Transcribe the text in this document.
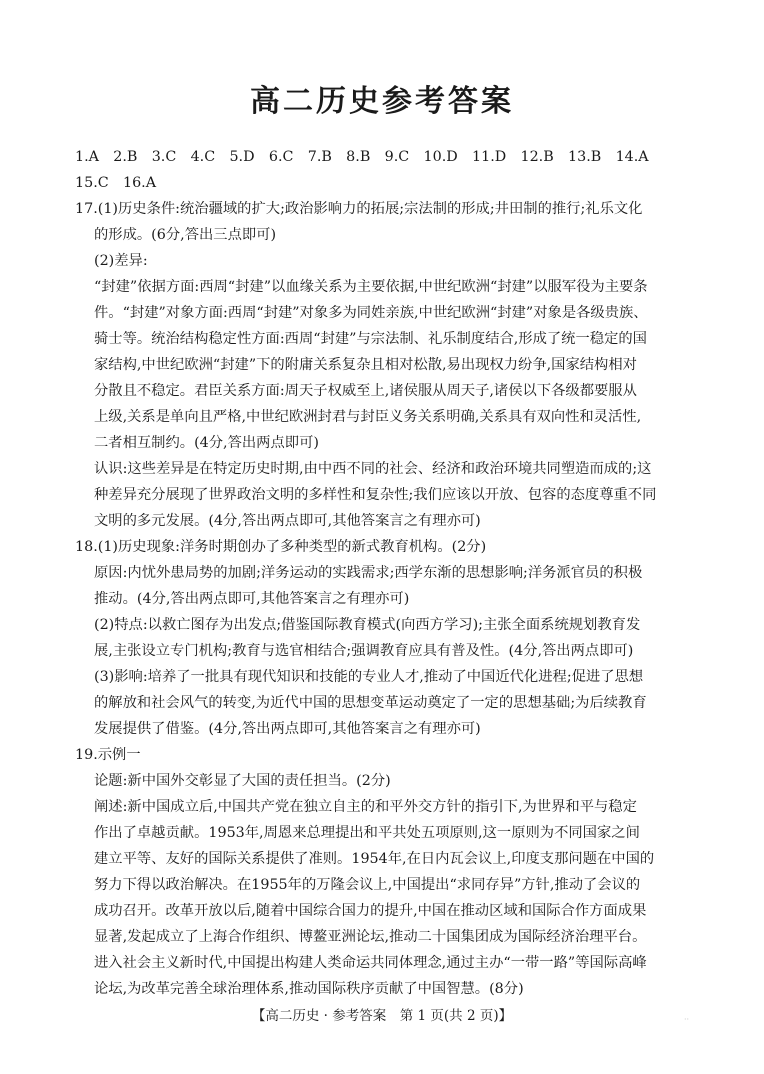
高二历史参考答案
1.A　2.B　3.C　4.C　5.D　6.C　7.B　8.B　9.C　10.D　11.D　12.B　13.B　14.A
15.C　16.A
17.(1)历史条件:统治疆域的扩大;政治影响力的拓展;宗法制的形成;井田制的推行;礼乐文化
的形成。(6分,答出三点即可)
(2)差异:
“封建”依据方面:西周“封建”以血缘关系为主要依据,中世纪欧洲“封建”以服军役为主要条
件。“封建”对象方面:西周“封建”对象多为同姓亲族,中世纪欧洲“封建”对象是各级贵族、
骑士等。统治结构稳定性方面:西周“封建”与宗法制、礼乐制度结合,形成了统一稳定的国
家结构,中世纪欧洲“封建”下的附庸关系复杂且相对松散,易出现权力纷争,国家结构相对
分散且不稳定。君臣关系方面:周天子权威至上,诸侯服从周天子,诸侯以下各级都要服从
上级,关系是单向且严格,中世纪欧洲封君与封臣义务关系明确,关系具有双向性和灵活性,
二者相互制约。(4分,答出两点即可)
认识:这些差异是在特定历史时期,由中西不同的社会、经济和政治环境共同塑造而成的;这
种差异充分展现了世界政治文明的多样性和复杂性;我们应该以开放、包容的态度尊重不同
文明的多元发展。(4分,答出两点即可,其他答案言之有理亦可)
18.(1)历史现象:洋务时期创办了多种类型的新式教育机构。(2分)
原因:内忧外患局势的加剧;洋务运动的实践需求;西学东渐的思想影响;洋务派官员的积极
推动。(4分,答出两点即可,其他答案言之有理亦可)
(2)特点:以救亡图存为出发点;借鉴国际教育模式(向西方学习);主张全面系统规划教育发
展,主张设立专门机构;教育与选官相结合;强调教育应具有普及性。(4分,答出两点即可)
(3)影响:培养了一批具有现代知识和技能的专业人才,推动了中国近代化进程;促进了思想
的解放和社会风气的转变,为近代中国的思想变革运动奠定了一定的思想基础;为后续教育
发展提供了借鉴。(4分,答出两点即可,其他答案言之有理亦可)
19.示例一
论题:新中国外交彰显了大国的责任担当。(2分)
阐述:新中国成立后,中国共产党在独立自主的和平外交方针的指引下,为世界和平与稳定
作出了卓越贡献。1953年,周恩来总理提出和平共处五项原则,这一原则为不同国家之间
建立平等、友好的国际关系提供了准则。1954年,在日内瓦会议上,印度支那问题在中国的
努力下得以政治解决。在1955年的万隆会议上,中国提出“求同存异”方针,推动了会议的
成功召开。改革开放以后,随着中国综合国力的提升,中国在推动区域和国际合作方面成果
显著,发起成立了上海合作组织、博鳌亚洲论坛,推动二十国集团成为国际经济治理平台。
进入社会主义新时代,中国提出构建人类命运共同体理念,通过主办“一带一路”等国际高峰
论坛,为改革完善全球治理体系,推动国际秩序贡献了中国智慧。(8分)
【高二历史 · 参考答案　第 1 页(共 2 页)】	··
